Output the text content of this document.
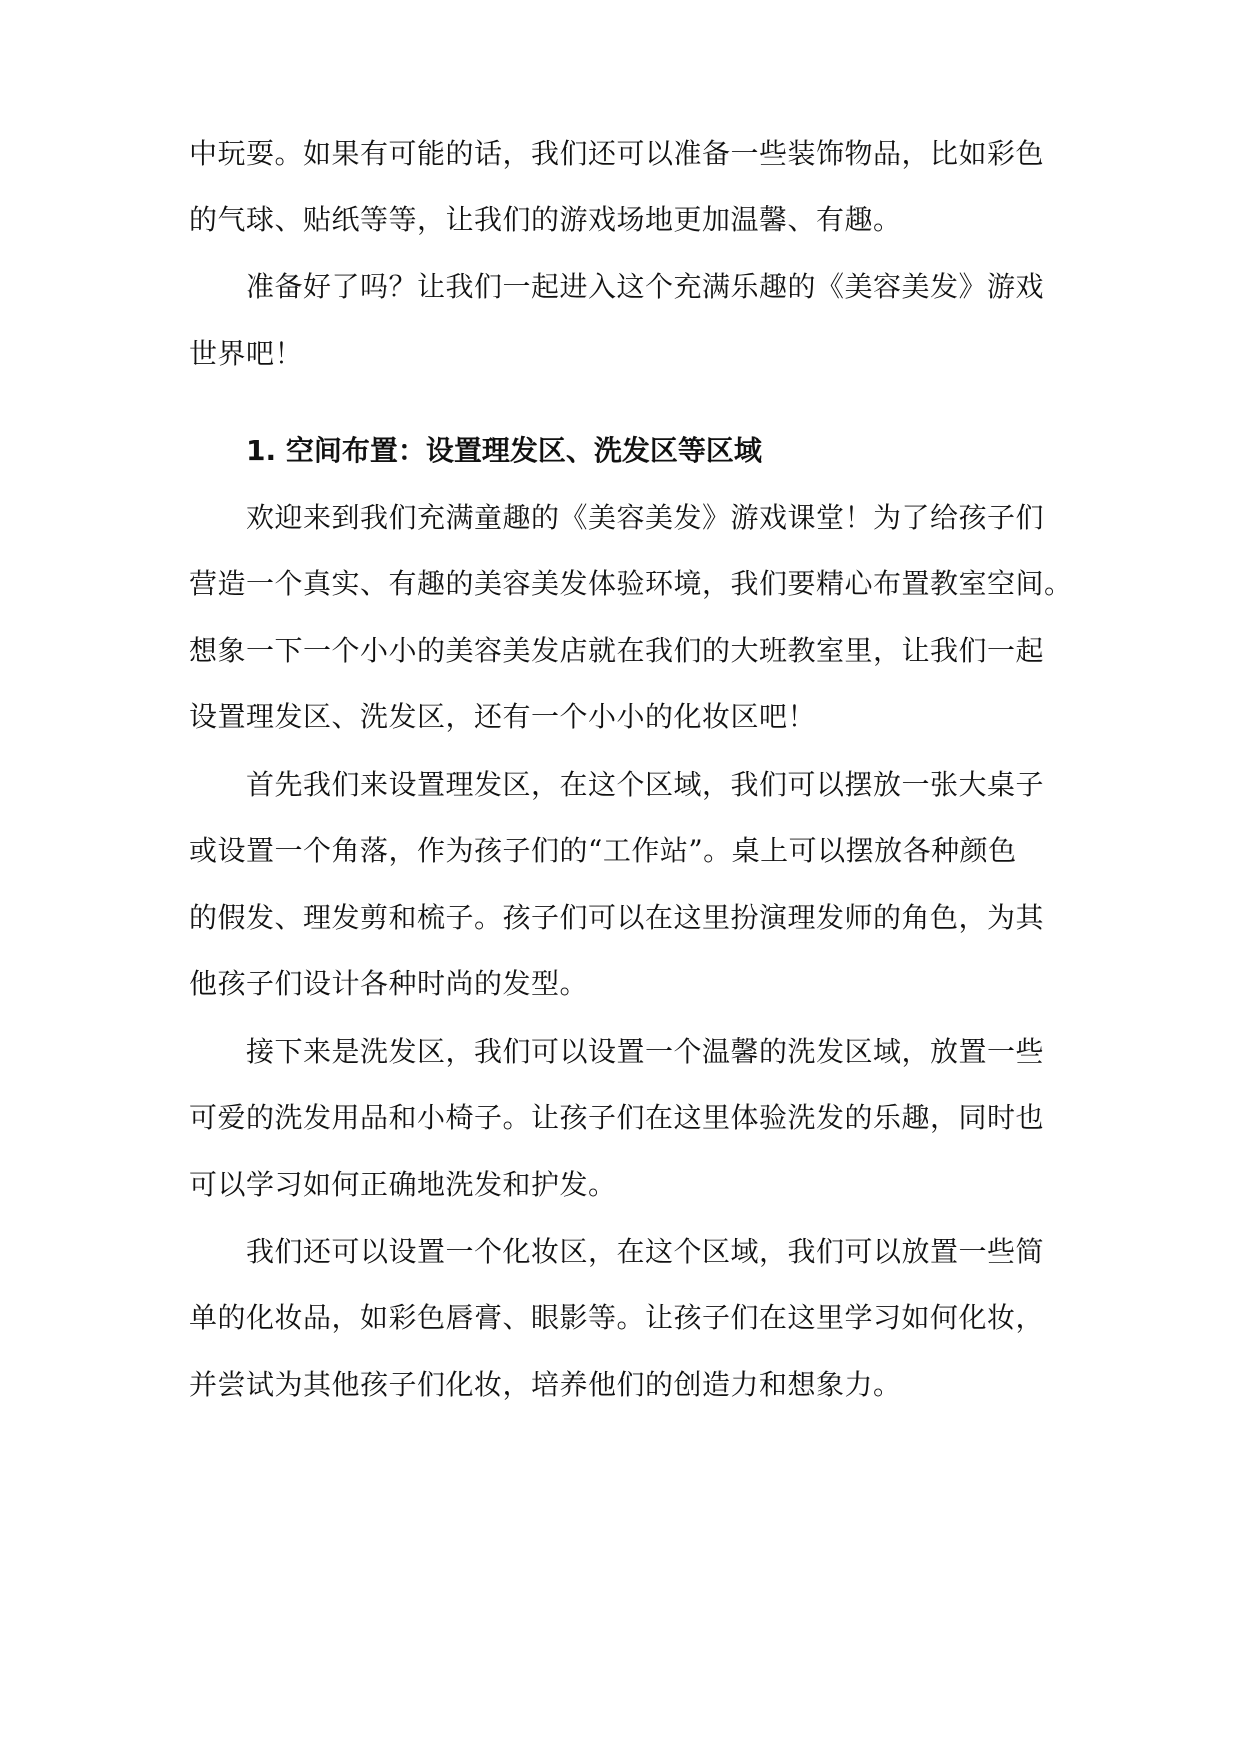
中玩耍。如果有可能的话，我们还可以准备一些装饰物品，比如彩色
的气球、贴纸等等，让我们的游戏场地更加温馨、有趣。
准备好了吗？让我们一起进入这个充满乐趣的《美容美发》游戏
世界吧！
1. 空间布置：设置理发区、洗发区等区域
欢迎来到我们充满童趣的《美容美发》游戏课堂！为了给孩子们
营造一个真实、有趣的美容美发体验环境，我们要精心布置教室空间。
想象一下一个小小的美容美发店就在我们的大班教室里，让我们一起
设置理发区、洗发区，还有一个小小的化妆区吧！
首先我们来设置理发区，在这个区域，我们可以摆放一张大桌子
或设置一个角落，作为孩子们的“工作站”。桌上可以摆放各种颜色
的假发、理发剪和梳子。孩子们可以在这里扮演理发师的角色，为其
他孩子们设计各种时尚的发型。
接下来是洗发区，我们可以设置一个温馨的洗发区域，放置一些
可爱的洗发用品和小椅子。让孩子们在这里体验洗发的乐趣，同时也
可以学习如何正确地洗发和护发。
我们还可以设置一个化妆区，在这个区域，我们可以放置一些简
单的化妆品，如彩色唇膏、眼影等。让孩子们在这里学习如何化妆，
并尝试为其他孩子们化妆，培养他们的创造力和想象力。
